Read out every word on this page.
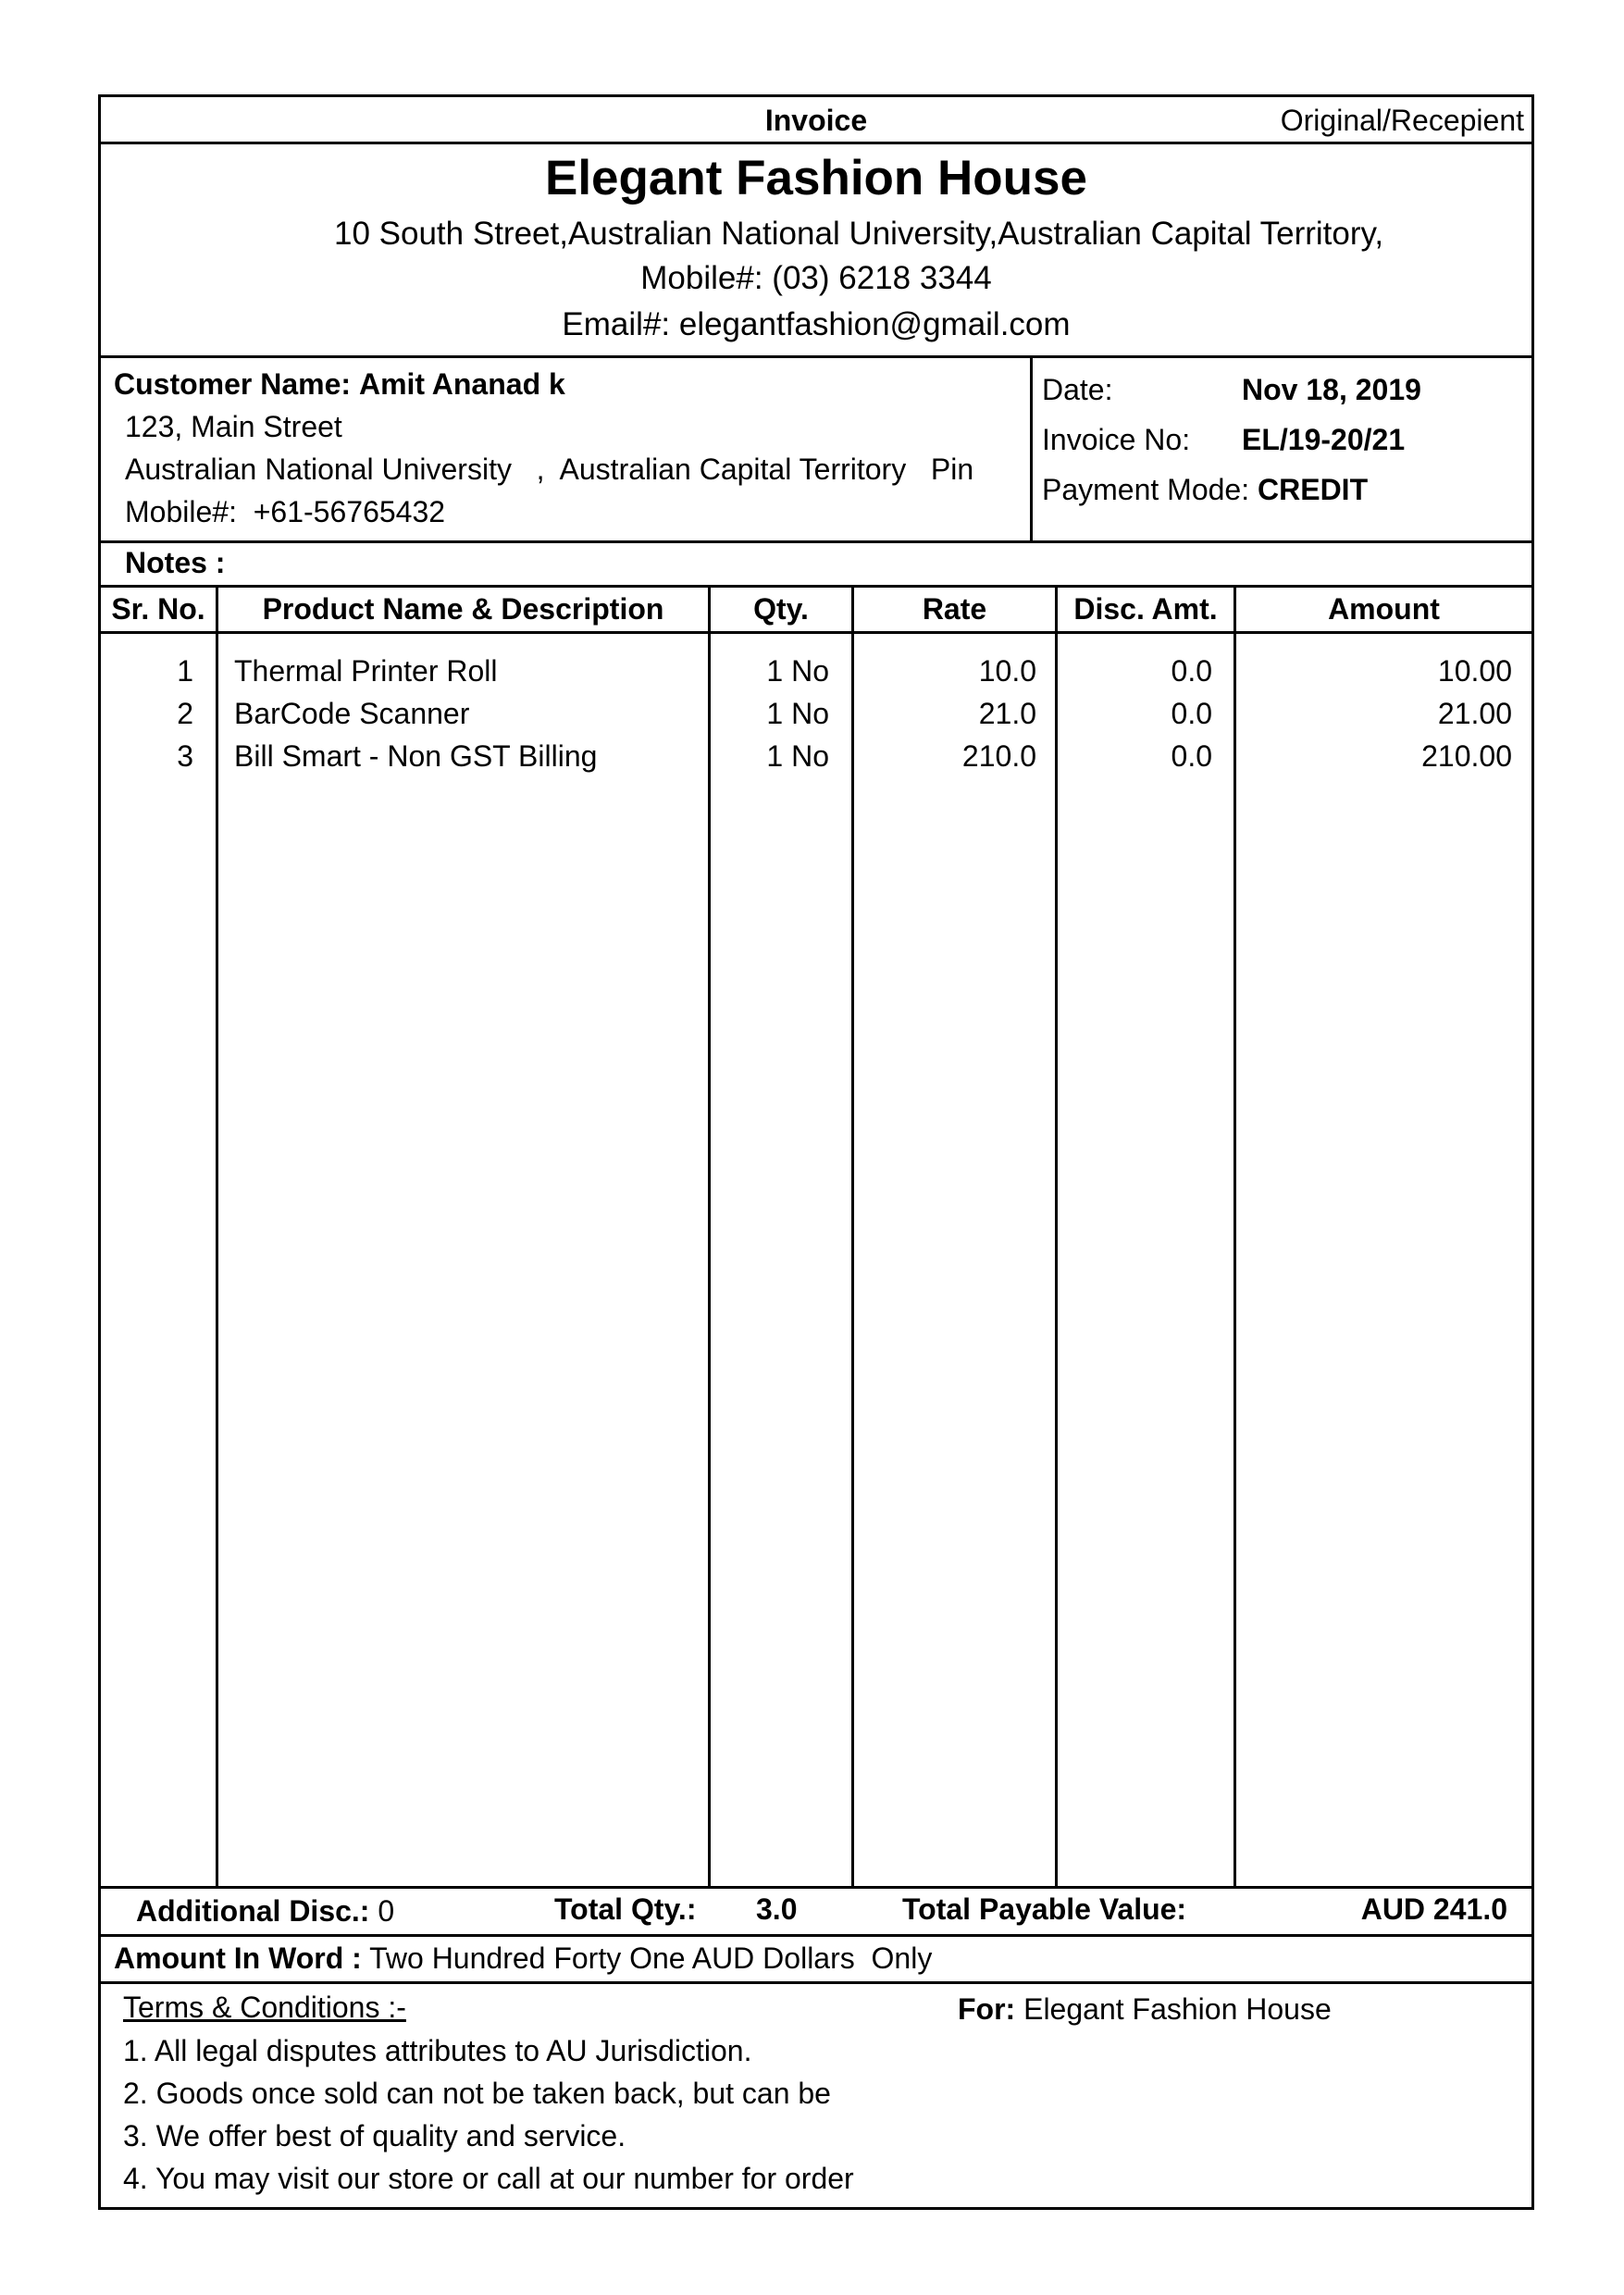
Invoice	Original/Recepient
Elegant Fashion House
10 South Street,Australian National University,Australian Capital Territory,
Mobile#: (03) 6218 3344
Email#: elegantfashion@gmail.com
Customer Name: Amit Ananad k
123, Main Street
Australian National University   ,  Australian Capital Territory   Pin
Mobile#:  +61-56765432
Date:	Nov 18, 2019
Invoice No: EL/19-20/21
Payment Mode: CREDIT
Notes :
Sr. No.	Product Name & Description	Qty.	Rate	Disc. Amt.	Amount
1 Thermal Printer Roll	1 No	10.0	0.0	10.00
2 BarCode Scanner	1 No	21.0	0.0	21.00
3 Bill Smart - Non GST Billing	1 No	210.0	0.0	210.00
Additional Disc.: 0	Total Qty.: 3.0	Total Payable Value:	AUD 241.0
Amount In Word : Two Hundred Forty One AUD Dollars  Only
Terms & Conditions :-
1. All legal disputes attributes to AU Jurisdiction.
2. Goods once sold can not be taken back, but can be
3. We offer best of quality and service.
4. You may visit our store or call at our number for order
For: Elegant Fashion House
